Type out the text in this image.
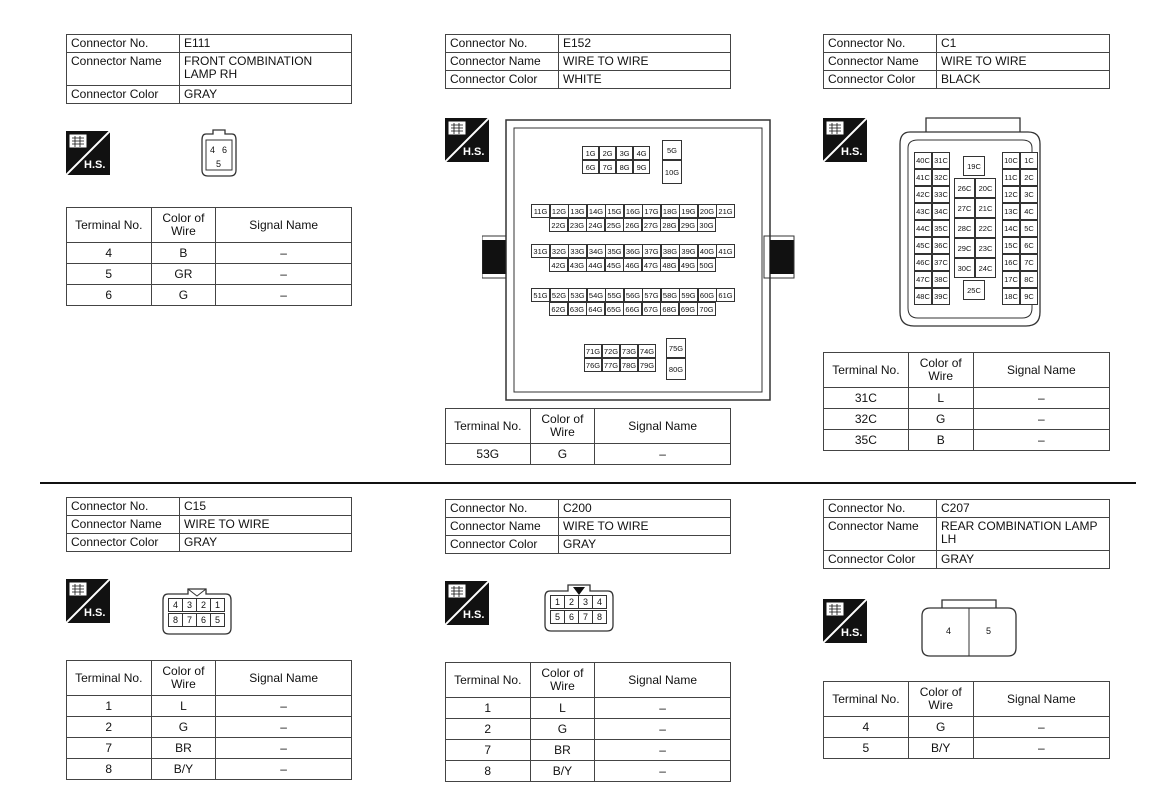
Connector No.	E111
Connector Name	FRONT COMBINATION LAMP RH
Connector Color	GRAY
H.S.
Terminal No.	Color of Wire	Signal Name
4	B	–
5	GR	–
6	G	–
Connector No.	E152
Connector Name	WIRE TO WIRE
Connector Color	WHITE
H.S.
Terminal No.	Color of Wire	Signal Name
53G	G	–
Connector No.	C1
Connector Name	WIRE TO WIRE
Connector Color	BLACK
H.S.
Terminal No.	Color of Wire	Signal Name
31C	L	–
32C	G	–
35C	B	–
Connector No.	C15
Connector Name	WIRE TO WIRE
Connector Color	GRAY
H.S.
Terminal No.	Color of Wire	Signal Name
1	L	–
2	G	–
7	BR	–
8	B/Y	–
Connector No.	C200
Connector Name	WIRE TO WIRE
Connector Color	GRAY
H.S.
Terminal No.	Color of Wire	Signal Name
1	L	–
2	G	–
7	BR	–
8	B/Y	–
Connector No.	C207
Connector Name	REAR COMBINATION LAMP LH
Connector Color	GRAY
H.S.
Terminal No.	Color of Wire	Signal Name
4	G	–
5	B/Y	–
4 6
5
1G 2G 3G 4G
6G 7G 8G 9G
5G
10G
11G 12G 13G 14G 15G 16G 17G 18G 19G 20G 21G
22G 23G 24G 25G 26G 27G 28G 29G 30G
31G 32G 33G 34G 35G 36G 37G 38G 39G 40G 41G
42G 43G 44G 45G 46G 47G 48G 49G 50G
51G 52G 53G 54G 55G 56G 57G 58G 59G 60G 61G
62G 63G 64G 65G 66G 67G 68G 69G 70G
71G 72G 73G 74G
76G 77G 78G 79G
75G
80G
40C	10C
31C	1C
41C	11C
32C	2C
42C	12C
33C	3C
43C	13C
34C	4C
44C	14C
35C	5C
45C	15C
36C	6C
46C	16C
37C	7C
47C	17C
38C	8C
48C	18C
39C	9C
19C
26C 20C
27C 21C
28C 22C
29C 23C
30C 24C
25C
4 3 2 1
8 7 6 5
1 2 3 4
5 6 7 8
4	5
